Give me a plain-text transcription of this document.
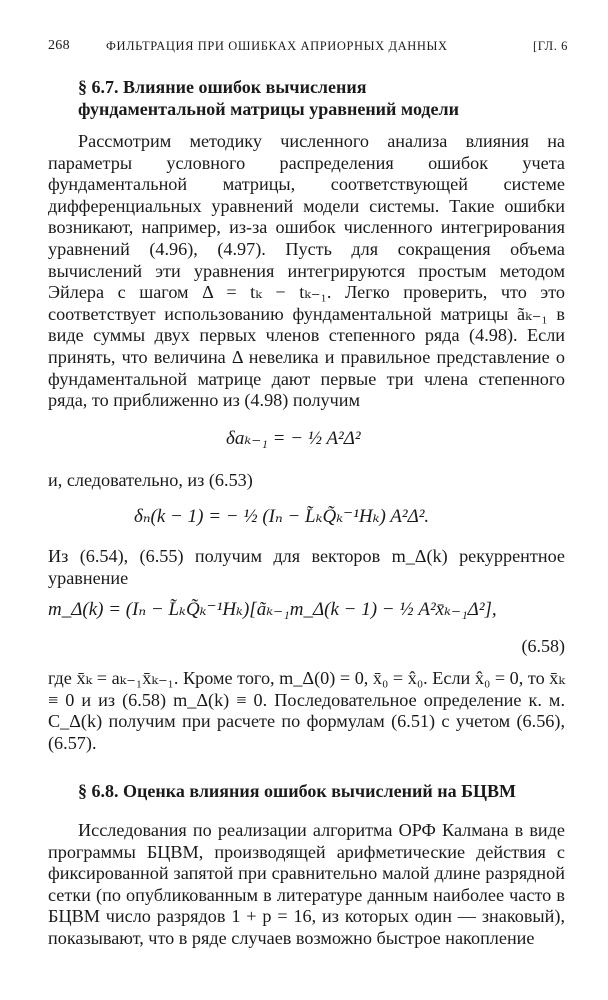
268	ФИЛЬТРАЦИЯ ПРИ ОШИБКАХ АПРИОРНЫХ ДАННЫХ	[ГЛ. 6
§ 6.7. Влияние ошибок вычисления
фундаментальной матрицы уравнений модели

Рассмотрим методику численного анализа влияния на параметры условного распределения ошибок учета фундаментальной матрицы, соответствующей системе дифференциальных уравнений модели системы. Такие ошибки возникают, например, из-за ошибок численного интегрирования уравнений (4.96), (4.97). Пусть для сокращения объема вычислений эти уравнения интегрируются простым методом Эйлера с шагом Δ = tₖ − tₖ₋₁. Легко проверить, что это соответствует использованию фундаментальной матрицы ãₖ₋₁ в виде суммы двух первых членов степенного ряда (4.98). Если принять, что величина Δ невелика и правильное представление о фундаментальной матрице дают первые три члена степенного ряда, то приближенно из (4.98) получим

δaₖ₋₁ = − ½ A²Δ²

и, следовательно, из (6.53)

δₙ(k − 1) = − ½ (Iₙ − L̃ₖQ̃ₖ⁻¹Hₖ) A²Δ².

Из (6.54), (6.55) получим для векторов m_Δ(k) рекуррентное уравнение

m_Δ(k) = (Iₙ − L̃ₖQ̃ₖ⁻¹Hₖ)[ãₖ₋₁m_Δ(k − 1) − ½ A²x̄ₖ₋₁Δ²],
(6.58)

где x̄ₖ = aₖ₋₁x̄ₖ₋₁. Кроме того, m_Δ(0) = 0, x̄₀ = x̂₀. Если x̂₀ = 0, то x̄ₖ ≡ 0 и из (6.58) m_Δ(k) ≡ 0. Последовательное определение к. м. C_Δ(k) получим при расчете по формулам (6.51) с учетом (6.56), (6.57).

§ 6.8. Оценка влияния ошибок вычислений на БЦВМ

Исследования по реализации алгоритма ОРФ Калмана в виде программы БЦВМ, производящей арифметические действия с фиксированной запятой при сравнительно малой длине разрядной сетки (по опубликованным в литературе данным наиболее часто в БЦВМ число разрядов 1 + p = 16, из которых один — знаковый), показывают, что в ряде случаев возможно быстрое накопление
